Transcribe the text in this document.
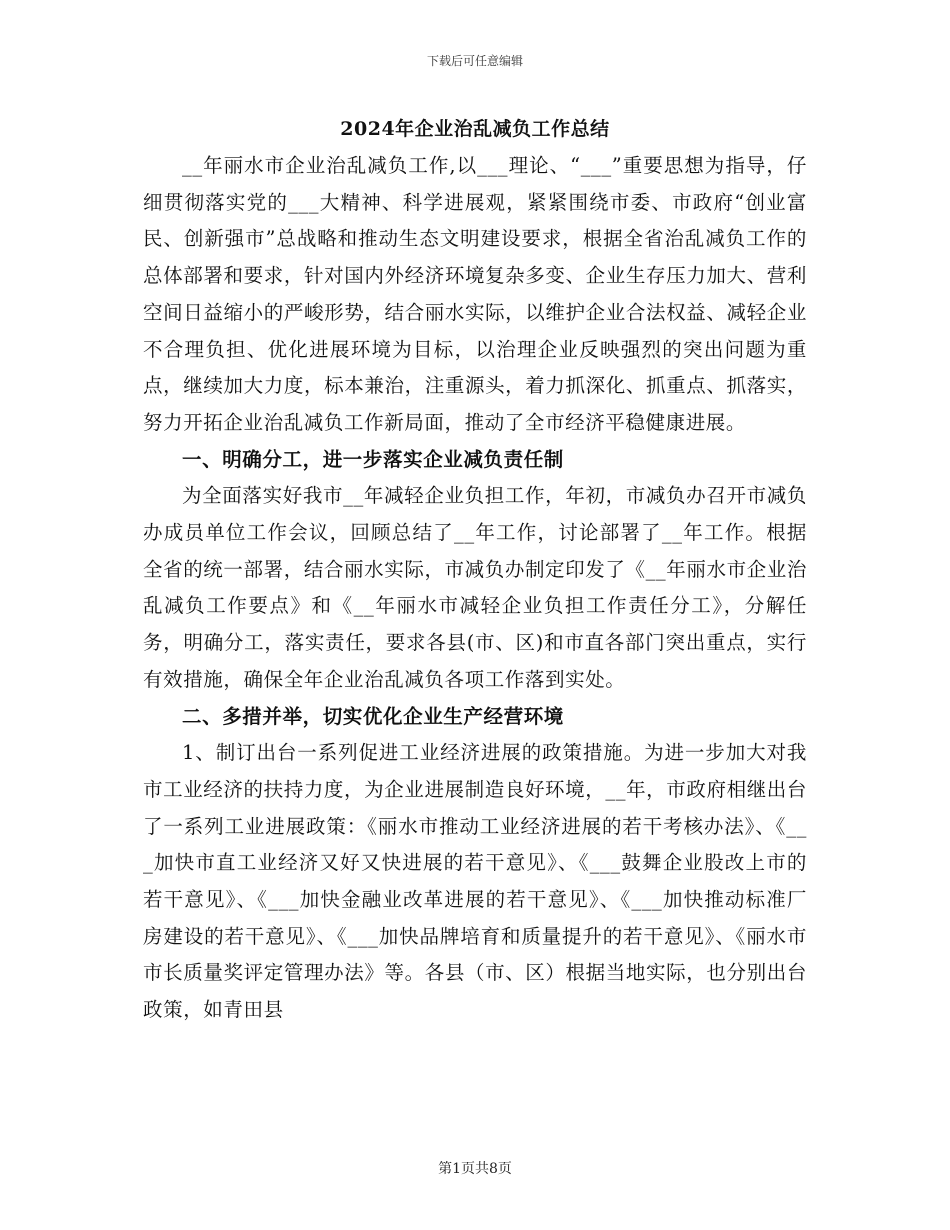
下载后可任意编辑
2024年企业治乱减负工作总结

__年丽水市企业治乱减负工作,以___理论、“___”重要思想为指导，仔细贯彻落实党的___大精神、科学进展观，紧紧围绕市委、市政府“创业富民、创新强市”总战略和推动生态文明建设要求，根据全省治乱减负工作的总体部署和要求，针对国内外经济环境复杂多变、企业生存压力加大、营利空间日益缩小的严峻形势，结合丽水实际，以维护企业合法权益、减轻企业不合理负担、优化进展环境为目标，以治理企业反映强烈的突出问题为重点，继续加大力度，标本兼治，注重源头，着力抓深化、抓重点、抓落实，努力开拓企业治乱减负工作新局面，推动了全市经济平稳健康进展。

一、明确分工，进一步落实企业减负责任制

为全面落实好我市__年减轻企业负担工作，年初，市减负办召开市减负办成员单位工作会议，回顾总结了__年工作，讨论部署了__年工作。根据全省的统一部署，结合丽水实际，市减负办制定印发了《__年丽水市企业治乱减负工作要点》和《__年丽水市减轻企业负担工作责任分工》，分解任务，明确分工，落实责任，要求各县(市、区)和市直各部门突出重点，实行有效措施，确保全年企业治乱减负各项工作落到实处。

二、多措并举，切实优化企业生产经营环境

1、制订出台一系列促进工业经济进展的政策措施。为进一步加大对我市工业经济的扶持力度，为企业进展制造良好环境，__年，市政府相继出台了一系列工业进展政策：《丽水市推动工业经济进展的若干考核办法》、《___加快市直工业经济又好又快进展的若干意见》、《___鼓舞企业股改上市的若干意见》、《___加快金融业改革进展的若干意见》、《___加快推动标准厂房建设的若干意见》、《___加快品牌培育和质量提升的若干意见》、《丽水市市长质量奖评定管理办法》等。各县（市、区）根据当地实际，也分别出台政策，如青田县

第1页共8页
